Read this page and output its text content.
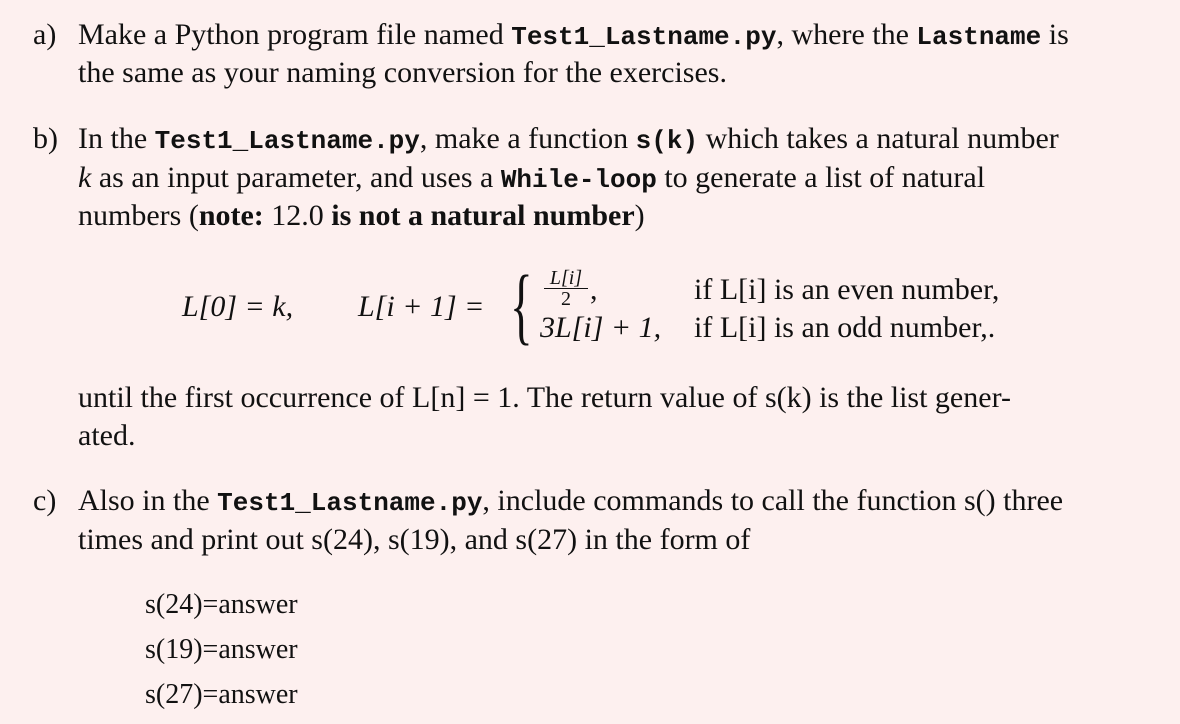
a) Make a Python program file named Test1_Lastname.py, where the Lastname is
the same as your naming conversion for the exercises.
b) In the Test1_Lastname.py, make a function s(k) which takes a natural number
k as an input parameter, and uses a While-loop to generate a list of natural
numbers (note: 12.0 is not a natural number)
L[0] = k, L[i + 1] = { $\frac{L[i]}{2}$ ,
3L[i] + 1,
if L[i] is an even number,
if L[i] is an odd number,.
until the first occurrence of L[n] = 1. The return value of s(k) is the list gener-
ated.
c) Also in the Test1_Lastname.py, include commands to call the function s() three
times and print out s(24), s(19), and s(27) in the form of
s(24)=answer
s(19)=answer
s(27)=answer
